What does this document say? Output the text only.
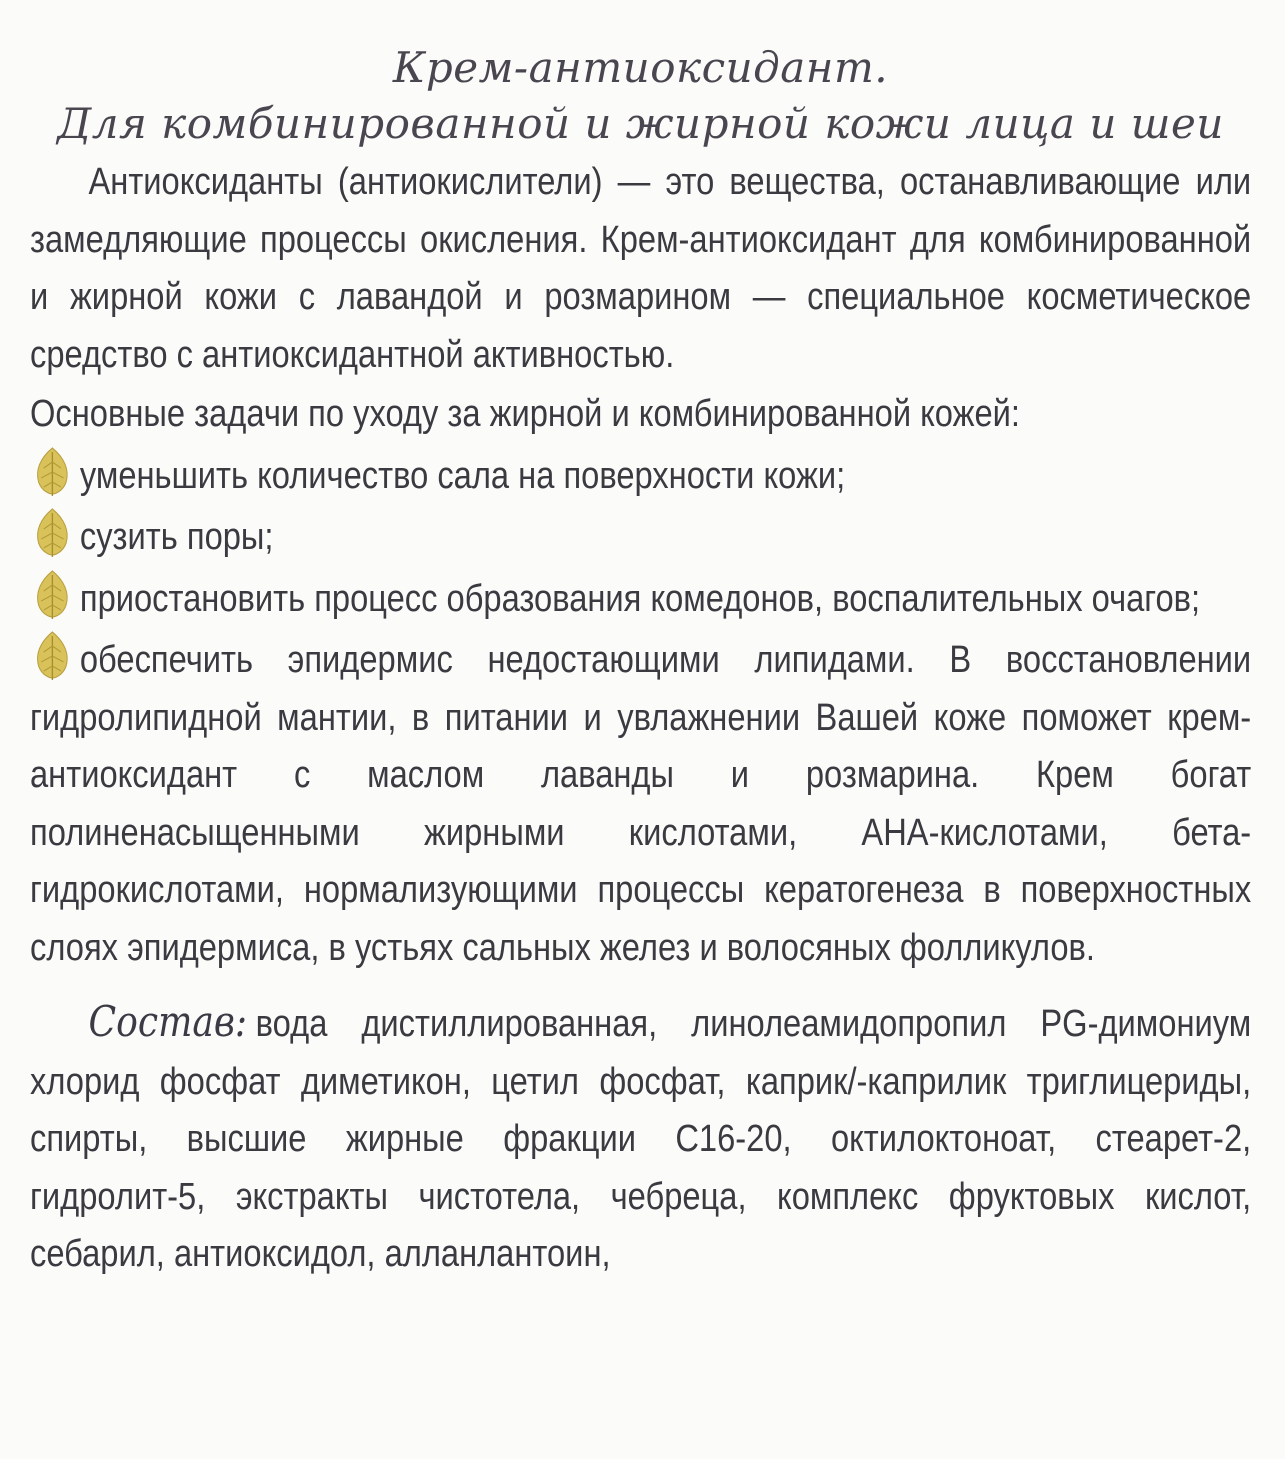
Крем-антиоксидант.
Для комбинированной и жирной кожи лица и шеи

Антиоксиданты (антиокислители) — это вещества, останавливающие или замедляющие процессы окисления. Крем-антиоксидант для комбинированной и жирной кожи с лавандой и розмарином — специальное косметическое средство с антиоксидантной активностью.

Основные задачи по уходу за жирной и комбинированной кожей:

уменьшить количество сала на поверхности кожи;
сузить поры;
приостановить процесс образования комедонов, воспалительных очагов;
обеспечить эпидермис недостающими липидами. В восстановлении гидролипидной мантии, в питании и увлажнении Вашей коже поможет крем-антиоксидант с маслом лаванды и розмарина. Крем богат полиненасыщенными жирными кислотами, АНА-кислотами, бета-гидрокислотами, нормализующими процессы кератогенеза в поверхностных слоях эпидермиса, в устьях сальных желез и волосяных фолликулов.

Состав: вода дистиллированная, линолеамидопропил PG-димониум хлорид фосфат диметикон, цетил фосфат, каприк/-каприлик триглицериды, спирты, высшие жирные фракции С16-20, октилоктоноат, стеарет-2, гидролит-5, экстракты чистотела, чебреца, комплекс фруктовых кислот, себарил, антиоксидол, алланлантоин,
